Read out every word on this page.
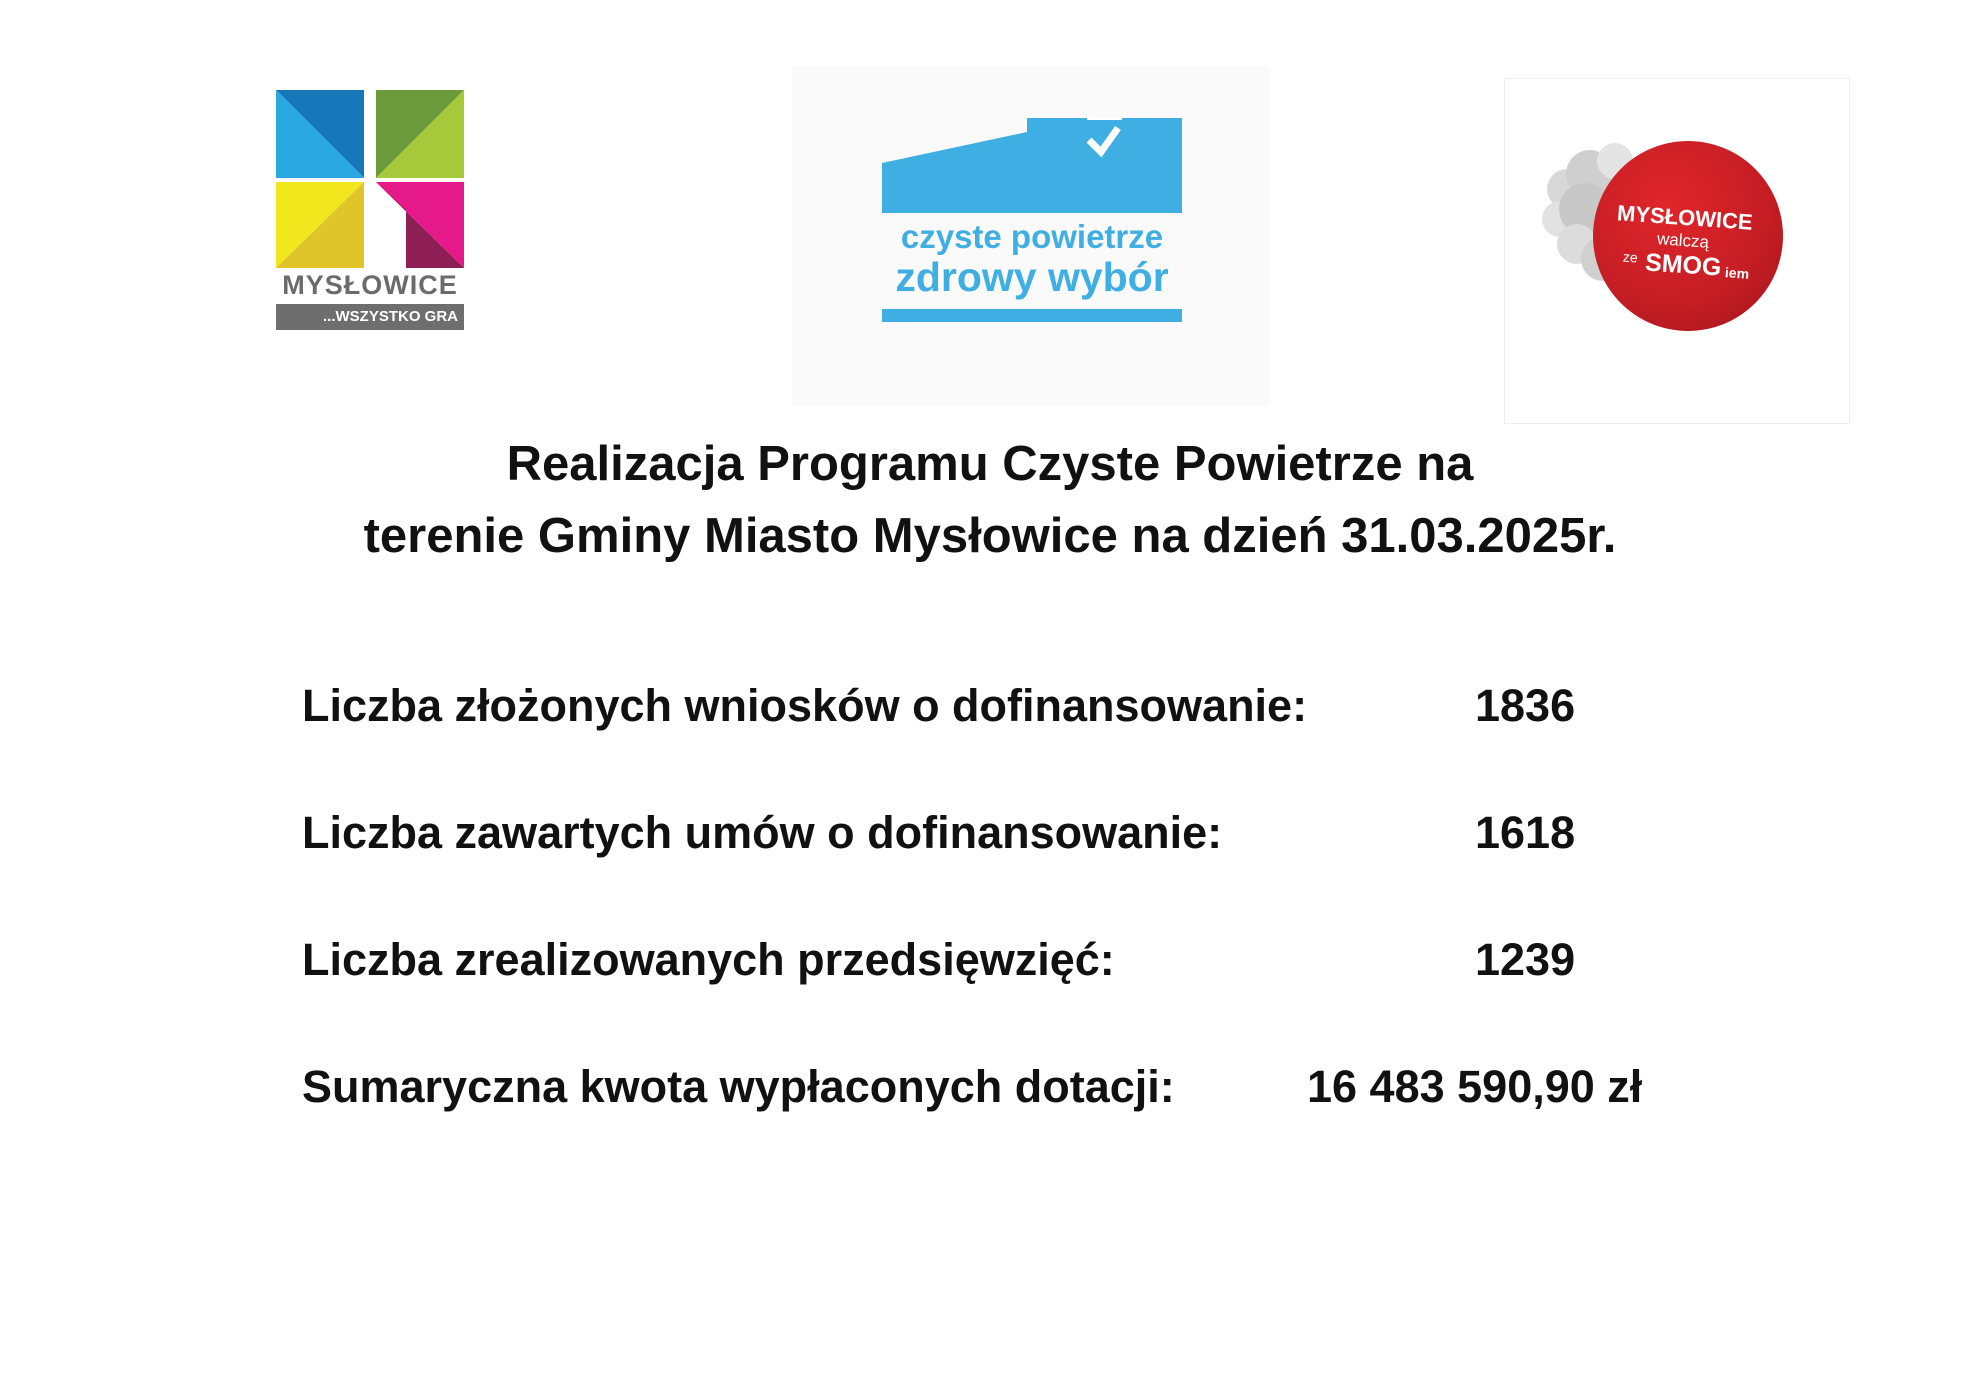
MYSŁOWICE
...WSZYSTKO GRA
czyste powietrze
zdrowy wybór
MYSŁOWICE
walczą
ze SMOG iem
Realizacja Programu Czyste Powietrze na
terenie Gminy Miasto Mysłowice na dzień 31.03.2025r.
Liczba złożonych wniosków o dofinansowanie:	1836
Liczba zawartych umów o dofinansowanie:	1618
Liczba zrealizowanych przedsięwzięć:	1239
Sumaryczna kwota wypłaconych dotacji:	16 483 590,90 zł
